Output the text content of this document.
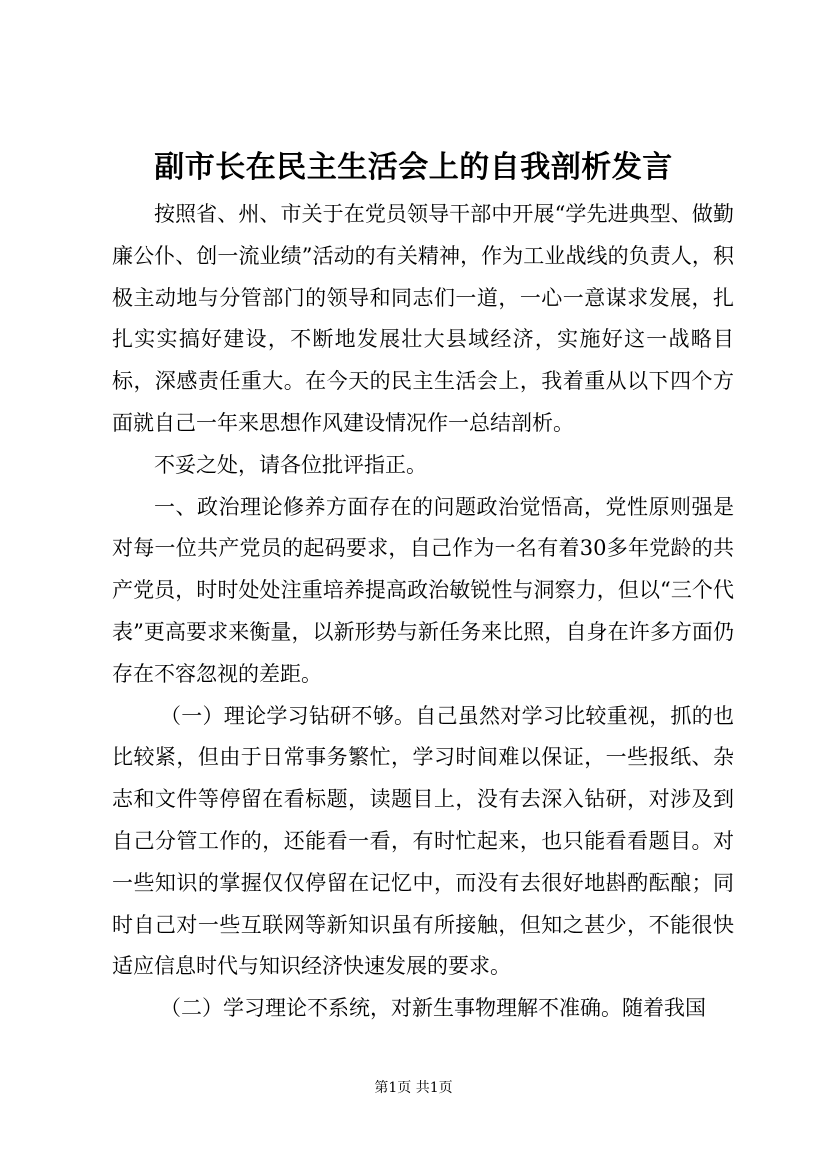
副市长在民主生活会上的自我剖析发言

按照省、州、市关于在党员领导干部中开展“学先进典型、做勤廉公仆、创一流业绩”活动的有关精神，作为工业战线的负责人，积极主动地与分管部门的领导和同志们一道，一心一意谋求发展，扎扎实实搞好建设，不断地发展壮大县域经济，实施好这一战略目标，深感责任重大。在今天的民主生活会上，我着重从以下四个方面就自己一年来思想作风建设情况作一总结剖析。

不妥之处，请各位批评指正。

一、政治理论修养方面存在的问题政治觉悟高，党性原则强是对每一位共产党员的起码要求，自己作为一名有着30多年党龄的共产党员，时时处处注重培养提高政治敏锐性与洞察力，但以“三个代表”更高要求来衡量，以新形势与新任务来比照，自身在许多方面仍存在不容忽视的差距。

（一）理论学习钻研不够。自己虽然对学习比较重视，抓的也比较紧，但由于日常事务繁忙，学习时间难以保证，一些报纸、杂志和文件等停留在看标题，读题目上，没有去深入钻研，对涉及到自己分管工作的，还能看一看，有时忙起来，也只能看看题目。对一些知识的掌握仅仅停留在记忆中，而没有去很好地斟酌酝酿；同时自己对一些互联网等新知识虽有所接触，但知之甚少，不能很快适应信息时代与知识经济快速发展的要求。

（二）学习理论不系统，对新生事物理解不准确。随着我国

第1页 共1页
